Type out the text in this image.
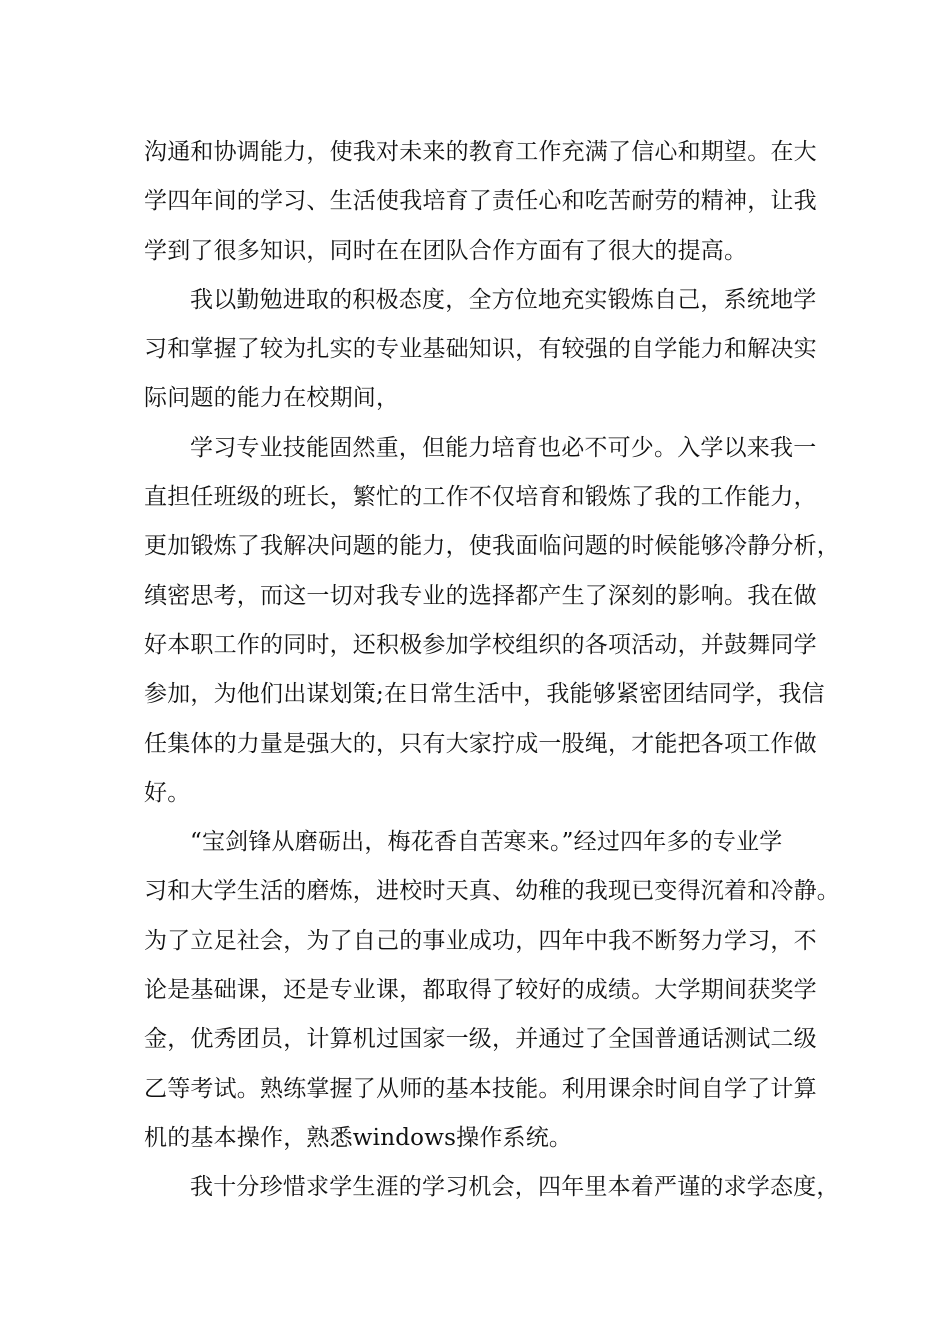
沟通和协调能力，使我对未来的教育工作充满了信心和期望。在大
学四年间的学习、生活使我培育了责任心和吃苦耐劳的精神，让我
学到了很多知识，同时在在团队合作方面有了很大的提高。
我以勤勉进取的积极态度，全方位地充实锻炼自己，系统地学
习和掌握了较为扎实的专业基础知识，有较强的自学能力和解决实
际问题的能力在校期间，
学习专业技能固然重，但能力培育也必不可少。入学以来我一
直担任班级的班长，繁忙的工作不仅培育和锻炼了我的工作能力，
更加锻炼了我解决问题的能力，使我面临问题的时候能够冷静分析，
缜密思考，而这一切对我专业的选择都产生了深刻的影响。我在做
好本职工作的同时，还积极参加学校组织的各项活动，并鼓舞同学
参加，为他们出谋划策;在日常生活中，我能够紧密团结同学，我信
任集体的力量是强大的，只有大家拧成一股绳，才能把各项工作做
好。
“宝剑锋从磨砺出，梅花香自苦寒来。”经过四年多的专业学
习和大学生活的磨炼，进校时天真、幼稚的我现已变得沉着和冷静。
为了立足社会，为了自己的事业成功，四年中我不断努力学习，不
论是基础课，还是专业课，都取得了较好的成绩。大学期间获奖学
金，优秀团员，计算机过国家一级，并通过了全国普通话测试二级
乙等考试。熟练掌握了从师的基本技能。利用课余时间自学了计算
机的基本操作，熟悉windows操作系统。
我十分珍惜求学生涯的学习机会，四年里本着严谨的求学态度，
